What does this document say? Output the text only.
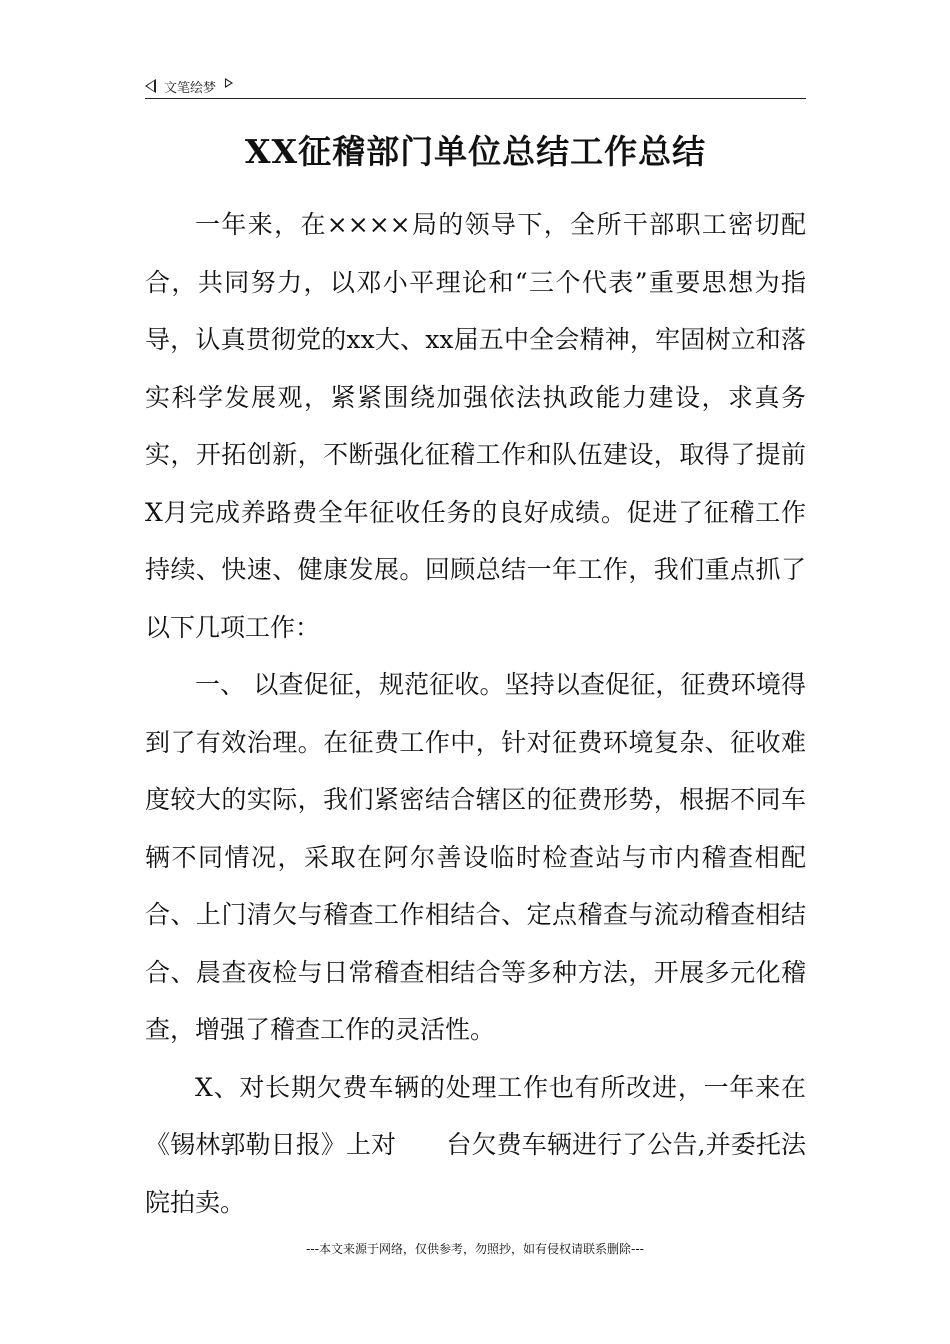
文笔绘梦
XX征稽部门单位总结工作总结

一年来，在××××局的领导下，全所干部职工密切配合，共同努力，以邓小平理论和“三个代表”重要思想为指导，认真贯彻党的xx大、xx届五中全会精神，牢固树立和落实科学发展观，紧紧围绕加强依法执政能力建设，求真务实，开拓创新，不断强化征稽工作和队伍建设，取得了提前X月完成养路费全年征收任务的良好成绩。促进了征稽工作持续、快速、健康发展。回顾总结一年工作，我们重点抓了以下几项工作：

一、 以查促征，规范征收。坚持以查促征，征费环境得到了有效治理。在征费工作中，针对征费环境复杂、征收难度较大的实际，我们紧密结合辖区的征费形势，根据不同车辆不同情况，采取在阿尔善设临时检查站与市内稽查相配合、上门清欠与稽查工作相结合、定点稽查与流动稽查相结合、晨查夜检与日常稽查相结合等多种方法，开展多元化稽查，增强了稽查工作的灵活性。

X、对长期欠费车辆的处理工作也有所改进，一年来在《锡林郭勒日报》上对　　台欠费车辆进行了公告,并委托法院拍卖。

---本文来源于网络，仅供参考，勿照抄，如有侵权请联系删除---
